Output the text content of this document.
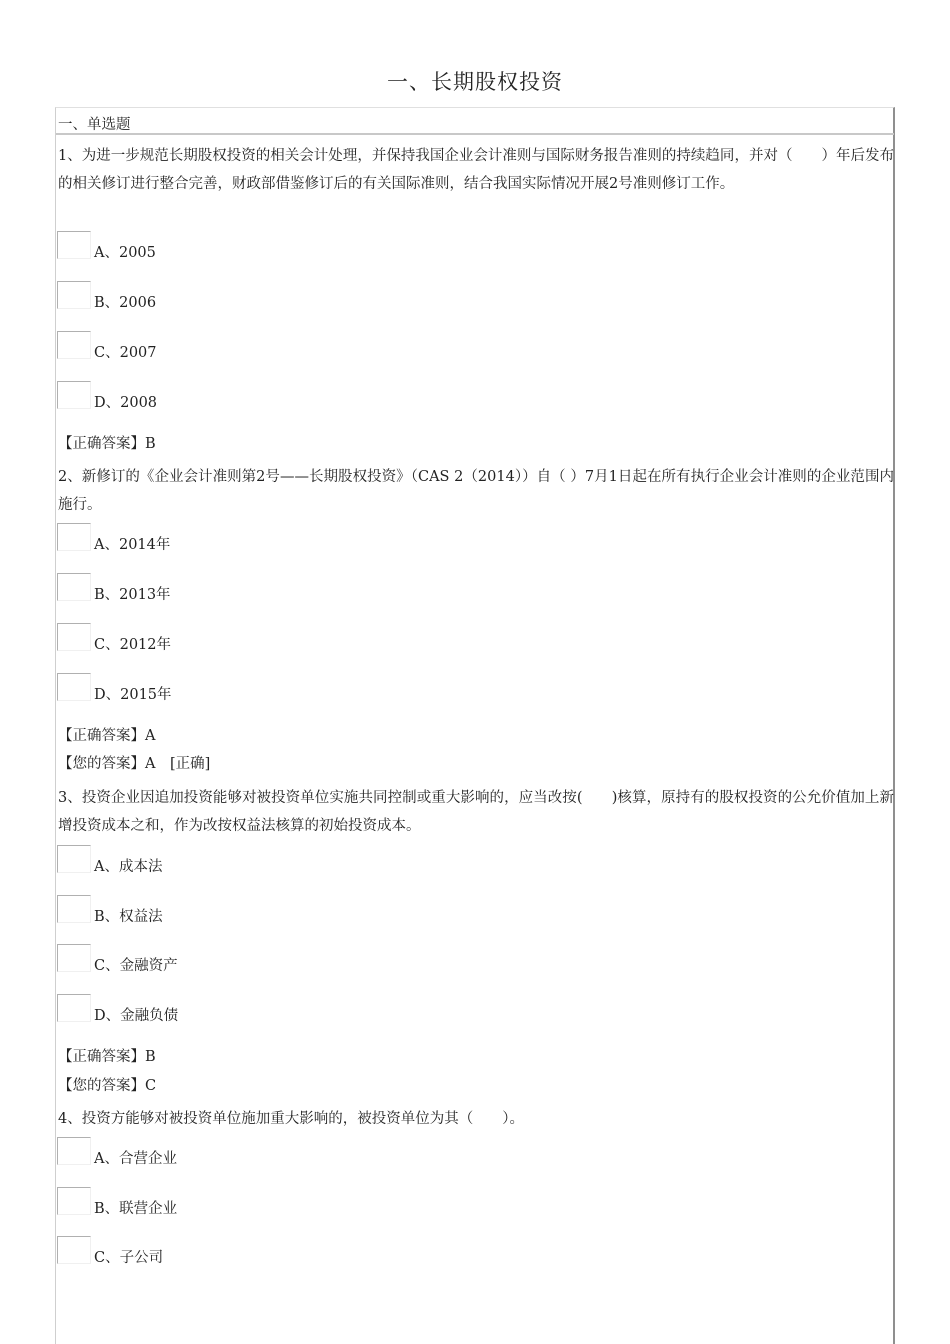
一、长期股权投资
一、单选题
1、为进一步规范长期股权投资的相关会计处理，并保持我国企业会计准则与国际财务报告准则的持续趋同，并对（　　）年后发布的相关修订进行整合完善，财政部借鉴修订后的有关国际准则，结合我国实际情况开展2号准则修订工作。
A、2005
B、2006
C、2007
D、2008
【正确答案】B
2、新修订的《企业会计准则第2号——长期股权投资》（CAS 2（2014））自（ ）7月1日起在所有执行企业会计准则的企业范围内施行。
A、2014年
B、2013年
C、2012年
D、2015年
【正确答案】A
【您的答案】A　[正确]
3、投资企业因追加投资能够对被投资单位实施共同控制或重大影响的，应当改按(　　)核算，原持有的股权投资的公允价值加上新增投资成本之和，作为改按权益法核算的初始投资成本。
A、成本法
B、权益法
C、金融资产
D、金融负债
【正确答案】B
【您的答案】C
4、投资方能够对被投资单位施加重大影响的，被投资单位为其（　　）。
A、合营企业
B、联营企业
C、子公司
